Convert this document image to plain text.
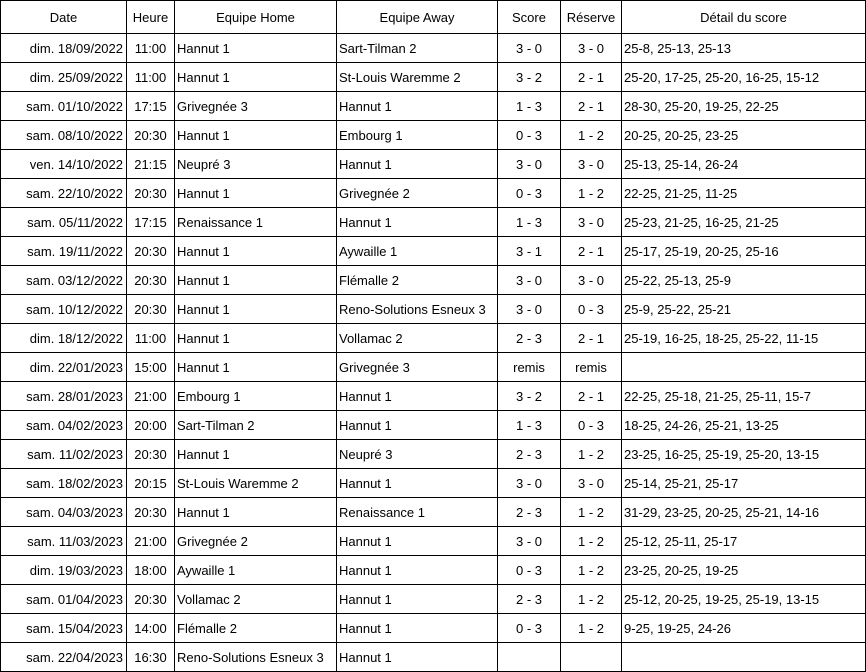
Date	Heure	Equipe Home	Equipe Away	Score	Réserve	Détail du score
dim. 18/09/2022	11:00	Hannut 1	Sart-Tilman 2	3 - 0	3 - 0	25-8, 25-13, 25-13
dim. 25/09/2022	11:00	Hannut 1	St-Louis Waremme 2	3 - 2	2 - 1	25-20, 17-25, 25-20, 16-25, 15-12
sam. 01/10/2022	17:15	Grivegnée 3	Hannut 1	1 - 3	2 - 1	28-30, 25-20, 19-25, 22-25
sam. 08/10/2022	20:30	Hannut 1	Embourg 1	0 - 3	1 - 2	20-25, 20-25, 23-25
ven. 14/10/2022	21:15	Neupré 3	Hannut 1	3 - 0	3 - 0	25-13, 25-14, 26-24
sam. 22/10/2022	20:30	Hannut 1	Grivegnée 2	0 - 3	1 - 2	22-25, 21-25, 11-25
sam. 05/11/2022	17:15	Renaissance 1	Hannut 1	1 - 3	3 - 0	25-23, 21-25, 16-25, 21-25
sam. 19/11/2022	20:30	Hannut 1	Aywaille 1	3 - 1	2 - 1	25-17, 25-19, 20-25, 25-16
sam. 03/12/2022	20:30	Hannut 1	Flémalle 2	3 - 0	3 - 0	25-22, 25-13, 25-9
sam. 10/12/2022	20:30	Hannut 1	Reno-Solutions Esneux 3	3 - 0	0 - 3	25-9, 25-22, 25-21
dim. 18/12/2022	11:00	Hannut 1	Vollamac 2	2 - 3	2 - 1	25-19, 16-25, 18-25, 25-22, 11-15
dim. 22/01/2023	15:00	Hannut 1	Grivegnée 3	remis	remis	
sam. 28/01/2023	21:00	Embourg 1	Hannut 1	3 - 2	2 - 1	22-25, 25-18, 21-25, 25-11, 15-7
sam. 04/02/2023	20:00	Sart-Tilman 2	Hannut 1	1 - 3	0 - 3	18-25, 24-26, 25-21, 13-25
sam. 11/02/2023	20:30	Hannut 1	Neupré 3	2 - 3	1 - 2	23-25, 16-25, 25-19, 25-20, 13-15
sam. 18/02/2023	20:15	St-Louis Waremme 2	Hannut 1	3 - 0	3 - 0	25-14, 25-21, 25-17
sam. 04/03/2023	20:30	Hannut 1	Renaissance 1	2 - 3	1 - 2	31-29, 23-25, 20-25, 25-21, 14-16
sam. 11/03/2023	21:00	Grivegnée 2	Hannut 1	3 - 0	1 - 2	25-12, 25-11, 25-17
dim. 19/03/2023	18:00	Aywaille 1	Hannut 1	0 - 3	1 - 2	23-25, 20-25, 19-25
sam. 01/04/2023	20:30	Vollamac 2	Hannut 1	2 - 3	1 - 2	25-12, 20-25, 19-25, 25-19, 13-15
sam. 15/04/2023	14:00	Flémalle 2	Hannut 1	0 - 3	1 - 2	9-25, 19-25, 24-26
sam. 22/04/2023	16:30	Reno-Solutions Esneux 3	Hannut 1			
